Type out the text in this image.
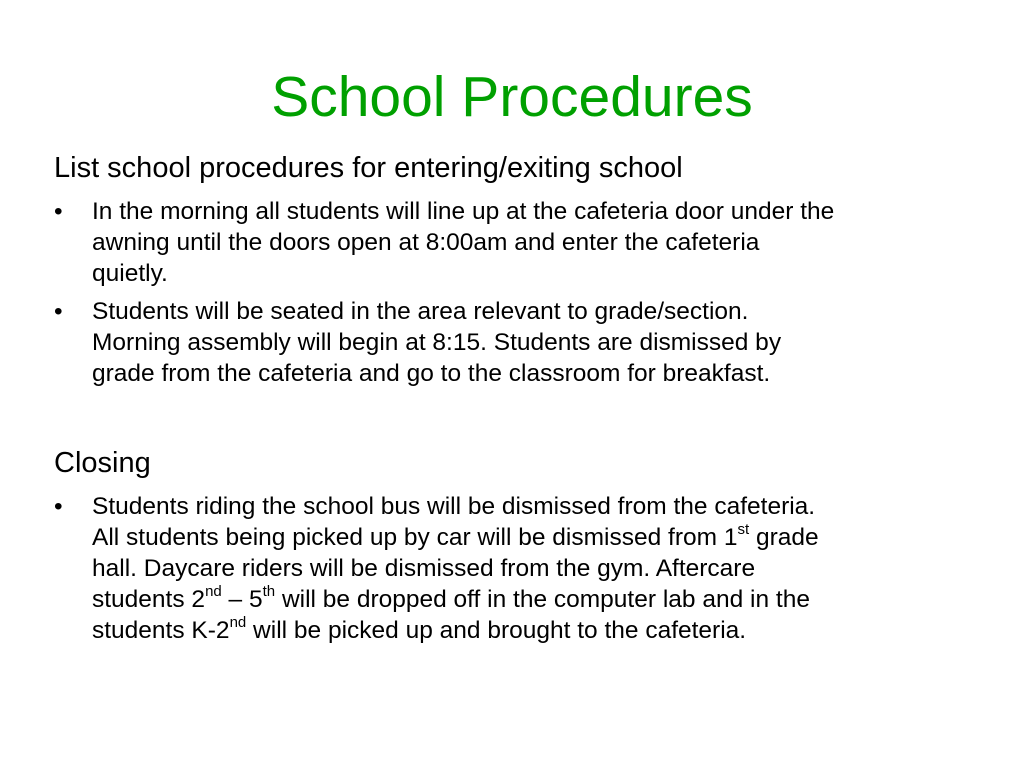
School Procedures
List school procedures for entering/exiting school
• In the morning all students will line up at the cafeteria door under the
awning until the doors open at 8:00am and enter the cafeteria
quietly.
• Students will be seated in the area relevant to grade/section.
Morning assembly will begin at 8:15. Students are dismissed by
grade from the cafeteria and go to the classroom for breakfast.
Closing
• Students riding the school bus will be dismissed from the cafeteria.
All students being picked up by car will be dismissed from 1st grade
hall. Daycare riders will be dismissed from the gym. Aftercare
students 2nd – 5th will be dropped off in the computer lab and in the
students K-2nd will be picked up and brought to the cafeteria.
